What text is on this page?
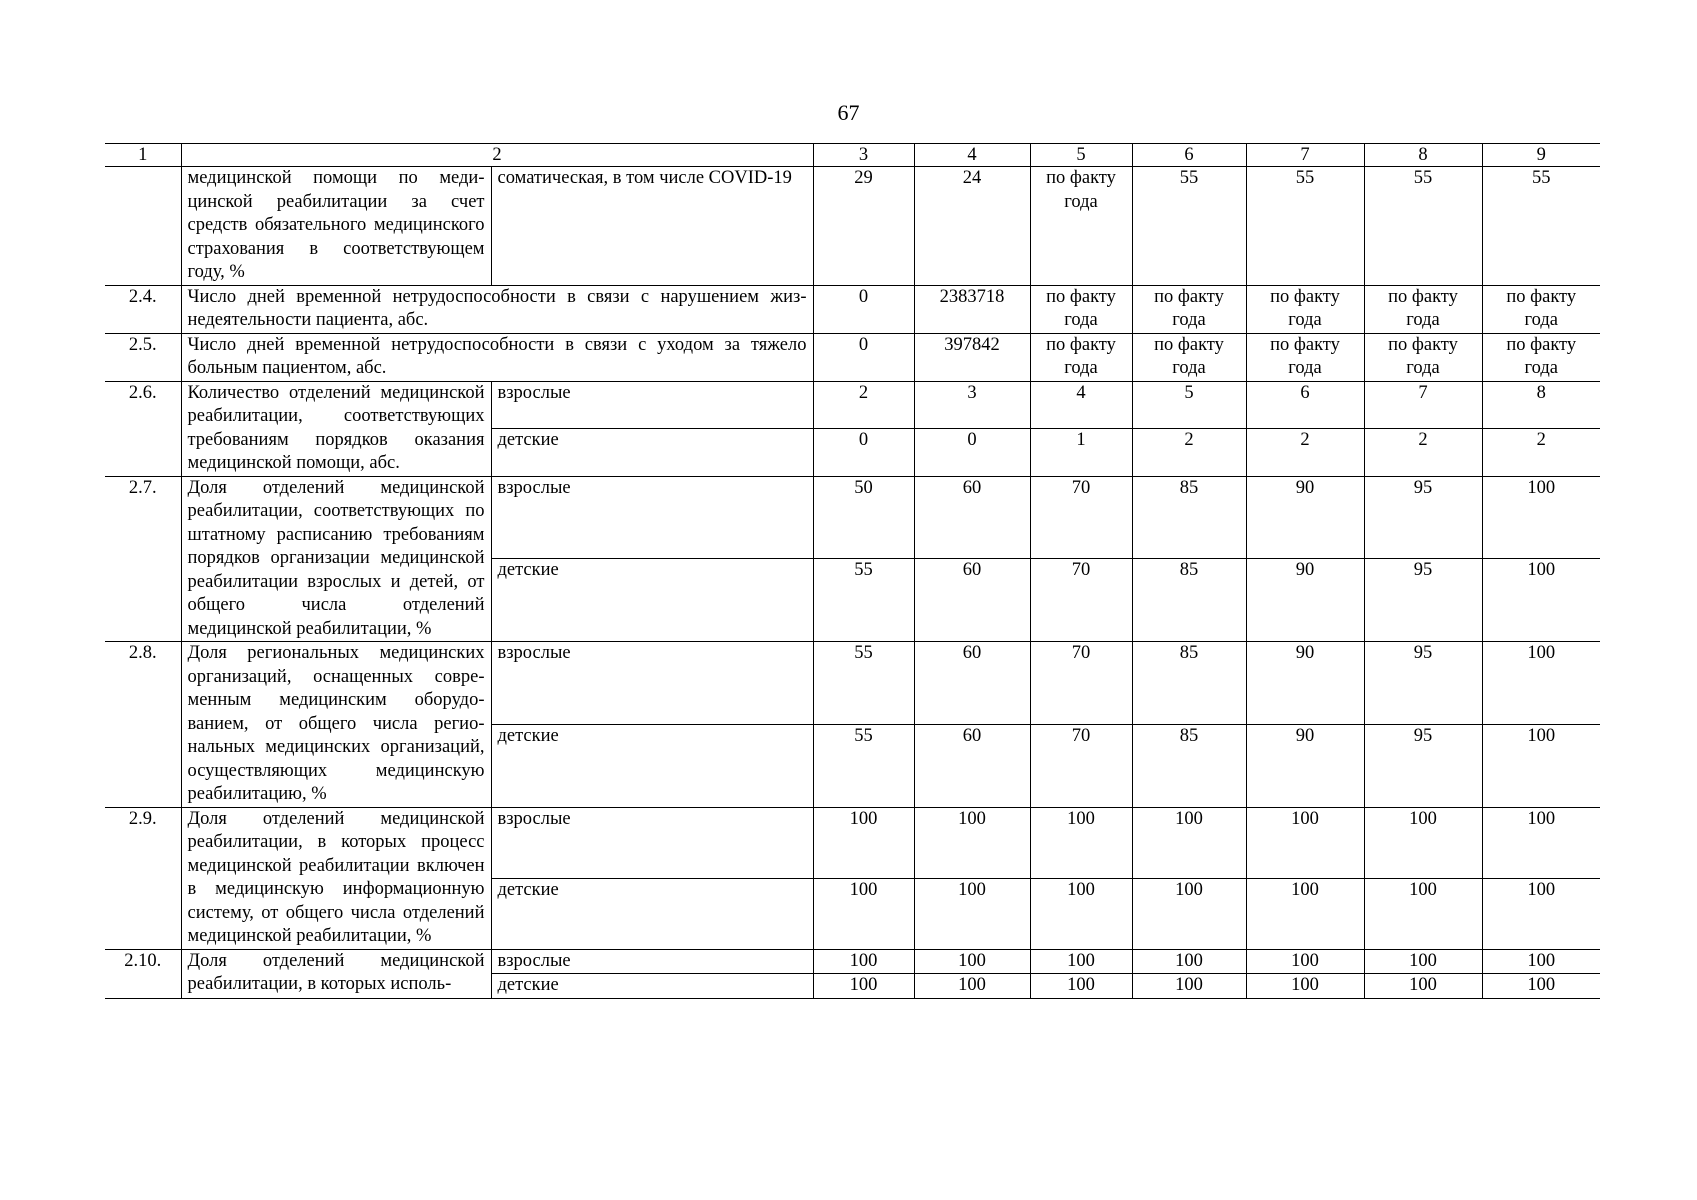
67
1	2		3	4	5	6	7	8	9
	медицинской помощи по медицинской реабилитации за счет средств обязательного медицинского страхования в соответствующем году, %	соматическая, в том числе COVID-19	29	24	по факту года	55	55	55	55
2.4.	Число дней временной нетрудоспособности в связи с нарушением жизнедеятельности пациента, абс.		0	2383718	по факту года	по факту года	по факту года	по факту года	по факту года
2.5.	Число дней временной нетрудоспособности в связи с уходом за тяжело больным пациентом, абс.		0	397842	по факту года	по факту года	по факту года	по факту года	по факту года
2.6.	Количество отделений медицинской реабилитации, соответствующих требованиям порядков оказания медицинской помощи, абс.	взрослые	2	3	4	5	6	7	8
		детские	0	0	1	2	2	2	2
2.7.	Доля отделений медицинской реабилитации, соответствующих по штатному расписанию требованиям порядков организации медицинской реабилитации взрослых и детей, от общего числа отделений медицинской реабилитации, %	взрослые	50	60	70	85	90	95	100
		детские	55	60	70	85	90	95	100
2.8.	Доля региональных медицинских организаций, оснащенных современным медицинским оборудованием, от общего числа региональных медицинских организаций, осуществляющих медицинскую реабилитацию, %	взрослые	55	60	70	85	90	95	100
		детские	55	60	70	85	90	95	100
2.9.	Доля отделений медицинской реабилитации, в которых процесс медицинской реабилитации включен в медицинскую информационную систему, от общего числа отделений медицинской реабилитации, %	взрослые	100	100	100	100	100	100	100
		детские	100	100	100	100	100	100	100
2.10.	Доля отделений медицинской реабилитации, в которых исполь-	взрослые	100	100	100	100	100	100	100
		детские	100	100	100	100	100	100	100
